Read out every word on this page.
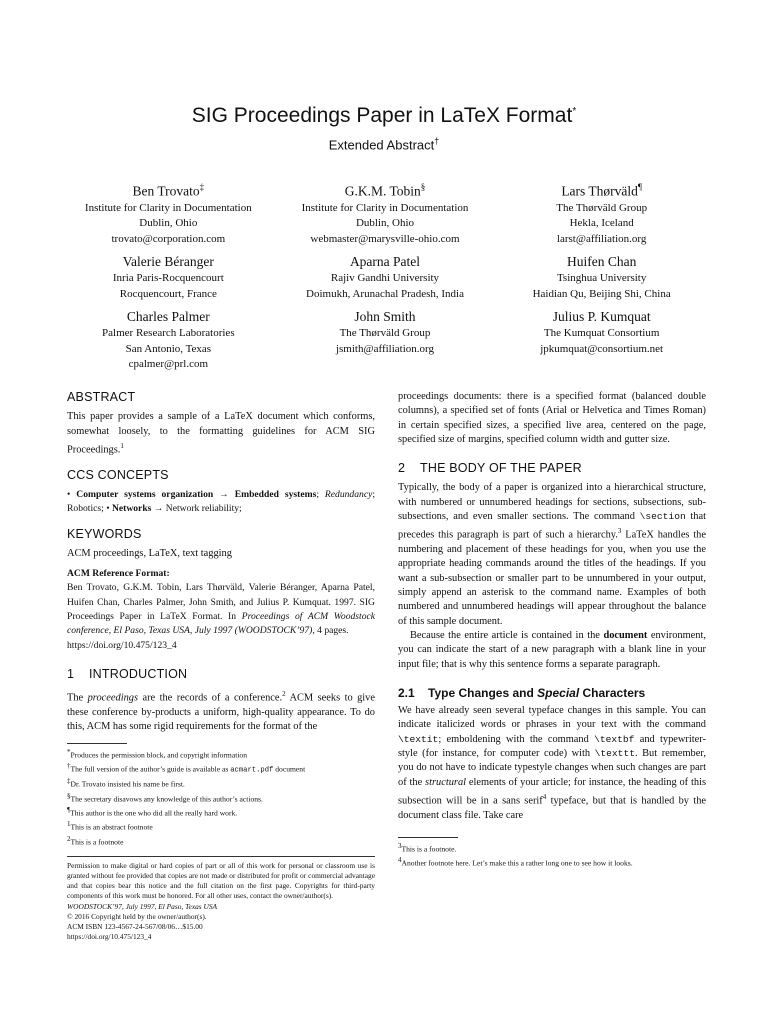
SIG Proceedings Paper in LaTeX Format*
Extended Abstract†
Ben Trovato‡
Institute for Clarity in Documentation
Dublin, Ohio
trovato@corporation.com
G.K.M. Tobin§
Institute for Clarity in Documentation
Dublin, Ohio
webmaster@marysville-ohio.com
Lars Thørväld¶
The Thørväld Group
Hekla, Iceland
larst@affiliation.org
Valerie Béranger
Inria Paris-Rocquencourt
Rocquencourt, France
Aparna Patel
Rajiv Gandhi University
Doimukh, Arunachal Pradesh, India
Huifen Chan
Tsinghua University
Haidian Qu, Beijing Shi, China
Charles Palmer
Palmer Research Laboratories
San Antonio, Texas
cpalmer@prl.com
John Smith
The Thørväld Group
jsmith@affiliation.org
Julius P. Kumquat
The Kumquat Consortium
jpkumquat@consortium.net
ABSTRACT

This paper provides a sample of a LaTeX document which conforms, somewhat loosely, to the formatting guidelines for ACM SIG Proceedings.$^1$

CCS CONCEPTS

• Computer systems organization → Embedded systems; Redundancy; Robotics; • Networks → Network reliability;

KEYWORDS

ACM proceedings, LaTeX, text tagging

ACM Reference Format:
Ben Trovato, G.K.M. Tobin, Lars Thørväld, Valerie Béranger, Aparna Patel, Huifen Chan, Charles Palmer, John Smith, and Julius P. Kumquat. 1997. SIG Proceedings Paper in LaTeX Format. In Proceedings of ACM Woodstock conference, El Paso, Texas USA, July 1997 (WOODSTOCK’97), 4 pages.
https://doi.org/10.475/123_4

1 INTRODUCTION

The proceedings are the records of a conference.$^2$ ACM seeks to give these conference by-products a uniform, high-quality appearance. To do this, ACM has some rigid requirements for the format of the

*Produces the permission block, and copyright information
†The full version of the author’s guide is available as acmart.pdf document
‡Dr. Trovato insisted his name be first.
§The secretary disavows any knowledge of this author’s actions.
¶This author is the one who did all the really hard work.
1This is an abstract footnote
2This is a footnote
Permission to make digital or hard copies of part or all of this work for personal or classroom use is granted without fee provided that copies are not made or distributed for profit or commercial advantage and that copies bear this notice and the full citation on the first page. Copyrights for third-party components of this work must be honored. For all other uses, contact the owner/author(s).
WOODSTOCK’97, July 1997, El Paso, Texas USA
© 2016 Copyright held by the owner/author(s).
ACM ISBN 123-4567-24-567/08/06…$15.00
https://doi.org/10.475/123_4

proceedings documents: there is a specified format (balanced double columns), a specified set of fonts (Arial or Helvetica and Times Roman) in certain specified sizes, a specified live area, centered on the page, specified size of margins, specified column width and gutter size.

2 THE BODY OF THE PAPER

Typically, the body of a paper is organized into a hierarchical structure, with numbered or unnumbered headings for sections, subsections, sub-subsections, and even smaller sections. The command \section that precedes this paragraph is part of such a hierarchy.$^3$ LaTeX handles the numbering and placement of these headings for you, when you use the appropriate heading commands around the titles of the headings. If you want a sub-subsection or smaller part to be unnumbered in your output, simply append an asterisk to the command name. Examples of both numbered and unnumbered headings will appear throughout the balance of this sample document.

Because the entire article is contained in the document environment, you can indicate the start of a new paragraph with a blank line in your input file; that is why this sentence forms a separate paragraph.

2.1 Type Changes and Special Characters

We have already seen several typeface changes in this sample. You can indicate italicized words or phrases in your text with the command \textit; emboldening with the command \textbf and typewriter-style (for instance, for computer code) with \texttt. But remember, you do not have to indicate typestyle changes when such changes are part of the structural elements of your article; for instance, the heading of this subsection will be in a sans serif$^4$ typeface, but that is handled by the document class file. Take care

3This is a footnote.
4Another footnote here. Let’s make this a rather long one to see how it looks.
